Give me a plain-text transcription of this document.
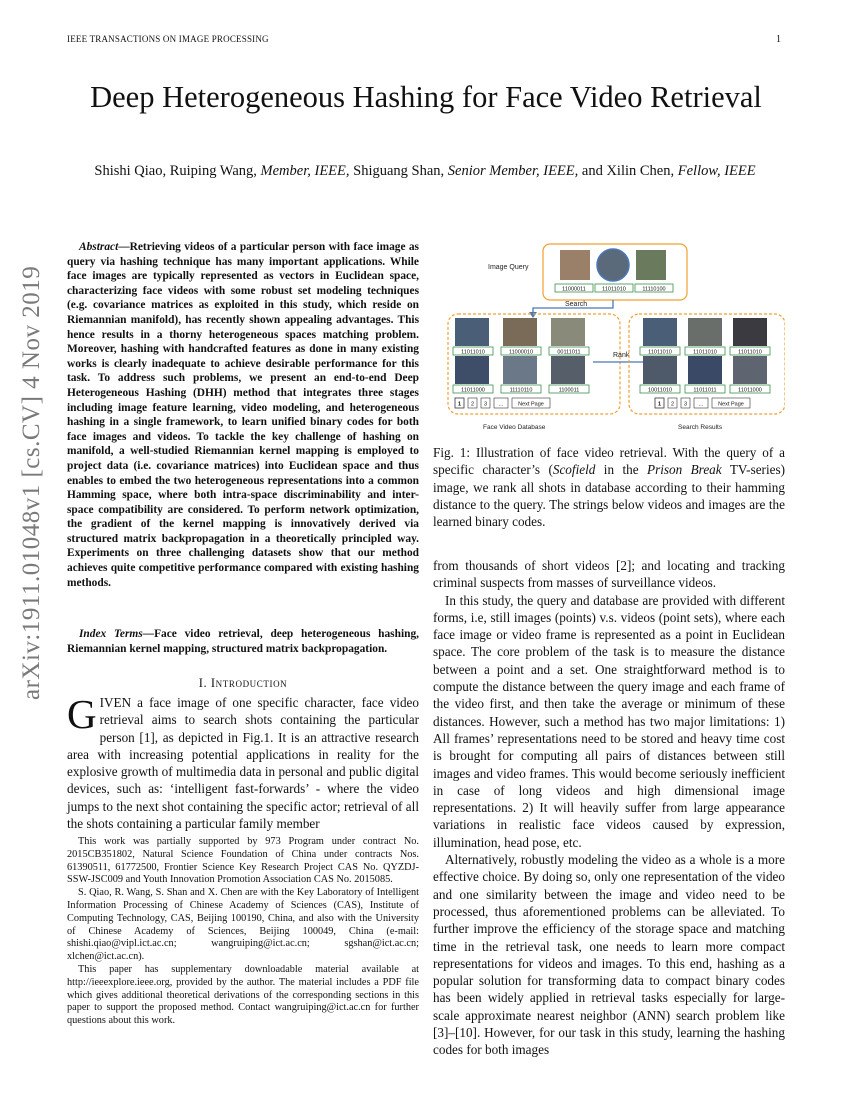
IEEE TRANSACTIONS ON IMAGE PROCESSING	1
arXiv:1911.01048v1 [cs.CV] 4 Nov 2019
Deep Heterogeneous Hashing for Face Video Retrieval
Shishi Qiao, Ruiping Wang, Member, IEEE, Shiguang Shan, Senior Member, IEEE, and Xilin Chen, Fellow, IEEE
Abstract—Retrieving videos of a particular person with face image as query via hashing technique has many important applications. While face images are typically represented as vectors in Euclidean space, characterizing face videos with some robust set modeling techniques (e.g. covariance matrices as exploited in this study, which reside on Riemannian manifold), has recently shown appealing advantages. This hence results in a thorny heterogeneous spaces matching problem. Moreover, hashing with handcrafted features as done in many existing works is clearly inadequate to achieve desirable performance for this task. To address such problems, we present an end-to-end Deep Heterogeneous Hashing (DHH) method that integrates three stages including image feature learning, video modeling, and heterogeneous hashing in a single framework, to learn unified binary codes for both face images and videos. To tackle the key challenge of hashing on manifold, a well-studied Riemannian kernel mapping is employed to project data (i.e. covariance matrices) into Euclidean space and thus enables to embed the two heterogeneous representations into a common Hamming space, where both intra-space discriminability and inter-space compatibility are considered. To perform network optimization, the gradient of the kernel mapping is innovatively derived via structured matrix backpropagation in a theoretically principled way. Experiments on three challenging datasets show that our method achieves quite competitive performance compared with existing hashing methods.
Index Terms—Face video retrieval, deep heterogeneous hashing, Riemannian kernel mapping, structured matrix backpropagation.
I. Introduction
GIVEN a face image of one specific character, face video retrieval aims to search shots containing the particular person [1], as depicted in Fig.1. It is an attractive research area with increasing potential applications in reality for the explosive growth of multimedia data in personal and public digital devices, such as: ‘intelligent fast-forwards’ - where the video jumps to the next shot containing the specific actor; retrieval of all the shots containing a particular family member

This work was partially supported by 973 Program under contract No. 2015CB351802, Natural Science Foundation of China under contracts Nos. 61390511, 61772500, Frontier Science Key Research Project CAS No. QYZDJ-SSW-JSC009 and Youth Innovation Promotion Association CAS No. 2015085.

S. Qiao, R. Wang, S. Shan and X. Chen are with the Key Laboratory of Intelligent Information Processing of Chinese Academy of Sciences (CAS), Institute of Computing Technology, CAS, Beijing 100190, China, and also with the University of Chinese Academy of Sciences, Beijing 100049, China (e-mail: shishi.qiao@vipl.ict.ac.cn; wangruiping@ict.ac.cn; sgshan@ict.ac.cn; xlchen@ict.ac.cn).

This paper has supplementary downloadable material available at http://ieeexplore.ieee.org, provided by the author. The material includes a PDF file which gives additional theoretical derivations of the corresponding sections in this paper to support the proposed method. Contact wangruiping@ict.ac.cn for further questions about this work.

Image Query
11000011	11011010	11110100
Search
11011010	11000010	00111011
11011000	11110110	1100011
1 2 3 ...	Next Page
Rank	11011010	11011010	11011010
10011010	11011011	11011000
1 2 3 ...	Next Page
Face Video Database	Search Results
Fig. 1: Illustration of face video retrieval. With the query of a specific character’s (Scofield in the Prison Break TV-series) image, we rank all shots in database according to their hamming distance to the query. The strings below videos and images are the learned binary codes.

from thousands of short videos [2]; and locating and tracking criminal suspects from masses of surveillance videos.

In this study, the query and database are provided with different forms, i.e, still images (points) v.s. videos (point sets), where each face image or video frame is represented as a point in Euclidean space. The core problem of the task is to measure the distance between a point and a set. One straightforward method is to compute the distance between the query image and each frame of the video first, and then take the average or minimum of these distances. However, such a method has two major limitations: 1) All frames’ representations need to be stored and heavy time cost is brought for computing all pairs of distances between still images and video frames. This would become seriously inefficient in case of long videos and high dimensional image representations. 2) It will heavily suffer from large appearance variations in realistic face videos caused by expression, illumination, head pose, etc.

Alternatively, robustly modeling the video as a whole is a more effective choice. By doing so, only one representation of the video and one similarity between the image and video need to be processed, thus aforementioned problems can be alleviated. To further improve the efficiency of the storage space and matching time in the retrieval task, one needs to learn more compact representations for videos and images. To this end, hashing as a popular solution for transforming data to compact binary codes has been widely applied in retrieval tasks especially for large-scale approximate nearest neighbor (ANN) search problem like [3]–[10]. However, for our task in this study, learning the hashing codes for both images
